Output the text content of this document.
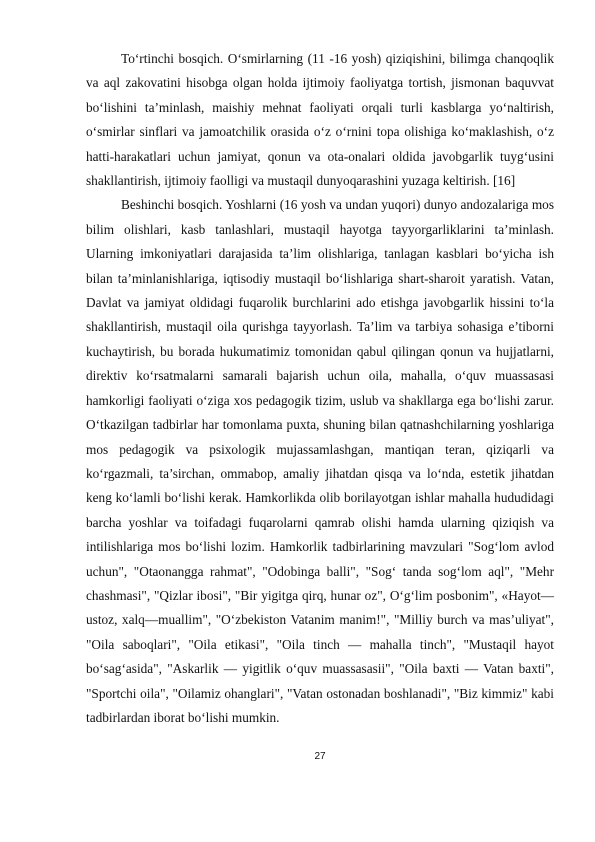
To‘rtinchi bosqich. O‘smirlarning (11 -16 yosh) qiziqishini, bilimga chanqoqlik va aql zakovatini hisobga olgan holda ijtimoiy faoliyatga tortish, jismonan baquvvat bo‘lishini ta’minlash, maishiy mehnat faoliyati orqali turli kasblarga yo‘naltirish, o‘smirlar sinflari va jamoatchilik orasida o‘z o‘rnini topa olishiga ko‘maklashish, o‘z hatti-harakatlari uchun jamiyat, qonun va ota-onalari oldida javobgarlik tuyg‘usini shakllantirish, ijtimoiy faolligi va mustaqil dunyoqarashini yuzaga keltirish. [16]

Beshinchi bosqich. Yoshlarni (16 yosh va undan yuqori) dunyo andozalariga mos bilim olishlari, kasb tanlashlari, mustaqil hayotga tayyorgarliklarini ta’minlash. Ularning imkoniyatlari darajasida ta’lim olishlariga, tanlagan kasblari bo‘yicha ish bilan ta’minlanishlariga, iqtisodiy mustaqil bo‘lishlariga shart-sharoit yaratish. Vatan, Davlat va jamiyat oldidagi fuqarolik burchlarini ado etishga javobgarlik hissini to‘la shakllantirish, mustaqil oila qurishga tayyorlash. Ta’lim va tarbiya sohasiga e’tiborni kuchaytirish, bu borada hukumatimiz tomonidan qabul qilingan qonun va hujjatlarni, direktiv ko‘rsatmalarni samarali bajarish uchun oila, mahalla, o‘quv muassasasi hamkorligi faoliyati o‘ziga xos pedagogik tizim, uslub va shakllarga ega bo‘lishi zarur. O‘tkazilgan tadbirlar har tomonlama puxta, shuning bilan qatnashchilarning yoshlariga mos pedagogik va psixologik mujassamlashgan, mantiqan teran, qiziqarli va ko‘rgazmali, ta’sirchan, ommabop, amaliy jihatdan qisqa va lo‘nda, estetik jihatdan keng ko‘lamli bo‘lishi kerak. Hamkorlikda olib borilayotgan ishlar mahalla hududidagi barcha yoshlar va toifadagi fuqarolarni qamrab olishi hamda ularning qiziqish va intilishlariga mos bo‘lishi lozim. Hamkorlik tadbirlarining mavzulari "Sog‘lom avlod uchun", "Otaonangga rahmat", "Odobinga balli", "Sog‘ tanda sog‘lom aql", "Mehr chashmasi", "Qizlar ibosi", "Bir yigitga qirq, hunar oz", O‘g‘lim posbonim", «Hayot—ustoz, xalq—muallim", "O‘zbekiston Vatanim manim!", "Milliy burch va mas’uliyat", "Oila saboqlari", "Oila etikasi", "Oila tinch — mahalla tinch", "Mustaqil hayot bo‘sag‘asida", "Askarlik — yigitlik o‘quv muassasasii", "Oila baxti — Vatan baxti", "Sportchi oila", "Oilamiz ohanglari", "Vatan ostonadan boshlanadi", "Biz kimmiz" kabi tadbirlardan iborat bo‘lishi mumkin.

27
